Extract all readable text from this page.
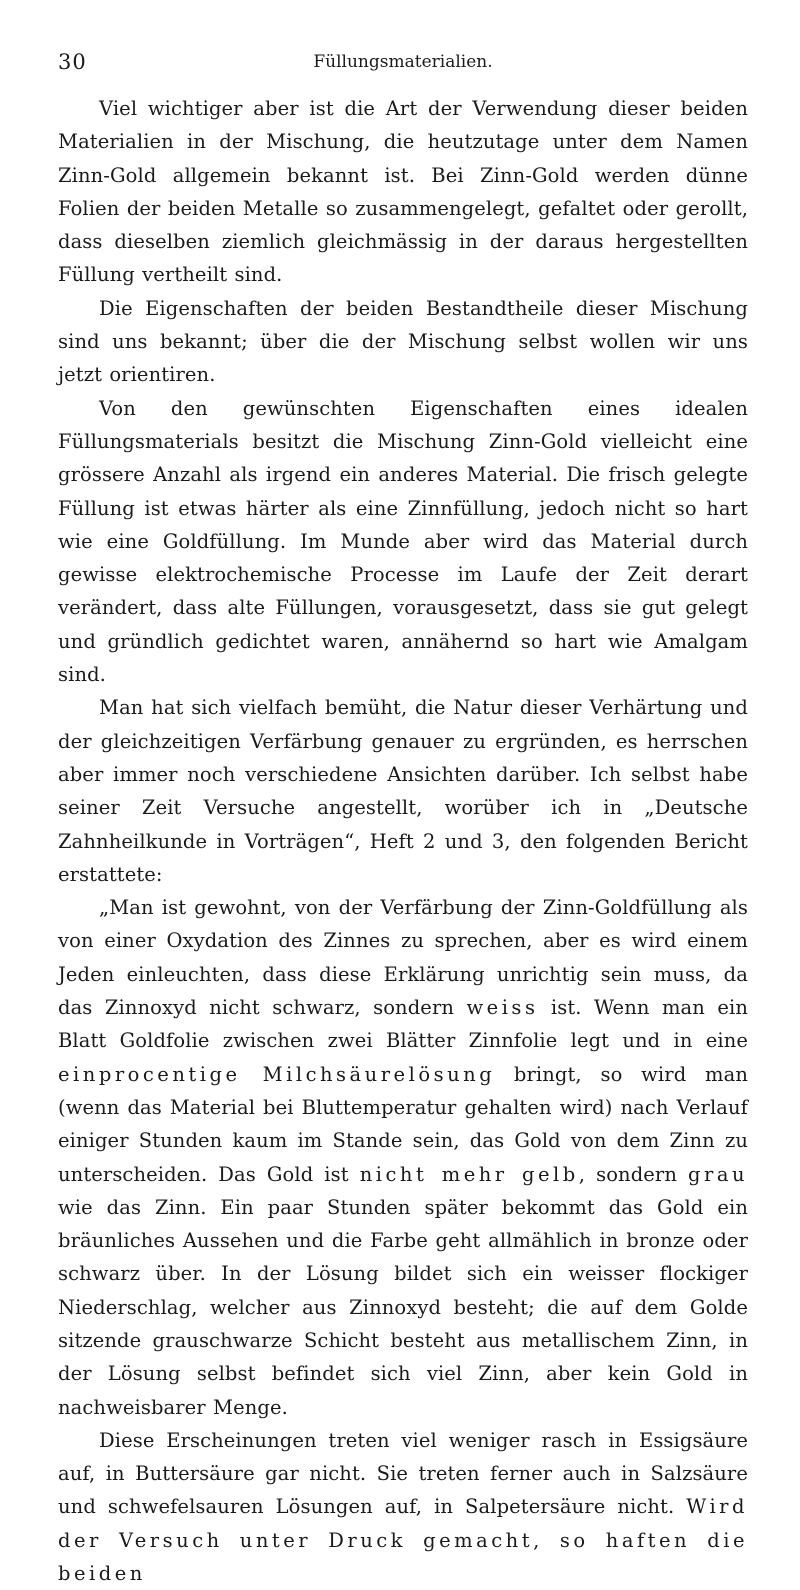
30	Füllungsmaterialien.

Viel wichtiger aber ist die Art der Verwendung dieser beiden Materialien in der Mischung, die heutzutage unter dem Namen Zinn-Gold allgemein bekannt ist. Bei Zinn-Gold werden dünne Folien der beiden Metalle so zusammengelegt, gefaltet oder gerollt, dass dieselben ziemlich gleichmässig in der daraus hergestellten Füllung vertheilt sind.

Die Eigenschaften der beiden Bestandtheile dieser Mischung sind uns bekannt; über die der Mischung selbst wollen wir uns jetzt orientiren.

Von den gewünschten Eigenschaften eines idealen Füllungsmaterials besitzt die Mischung Zinn-Gold vielleicht eine grössere Anzahl als irgend ein anderes Material. Die frisch gelegte Füllung ist etwas härter als eine Zinnfüllung, jedoch nicht so hart wie eine Goldfüllung. Im Munde aber wird das Material durch gewisse elektrochemische Processe im Laufe der Zeit derart verändert, dass alte Füllungen, vorausgesetzt, dass sie gut gelegt und gründlich gedichtet waren, annähernd so hart wie Amalgam sind.

Man hat sich vielfach bemüht, die Natur dieser Verhärtung und der gleichzeitigen Verfärbung genauer zu ergründen, es herrschen aber immer noch verschiedene Ansichten darüber. Ich selbst habe seiner Zeit Versuche angestellt, worüber ich in „Deutsche Zahnheilkunde in Vorträgen“, Heft 2 und 3, den folgenden Bericht erstattete:

„Man ist gewohnt, von der Verfärbung der Zinn-Goldfüllung als von einer Oxydation des Zinnes zu sprechen, aber es wird einem Jeden einleuchten, dass diese Erklärung unrichtig sein muss, da das Zinnoxyd nicht schwarz, sondern weiss ist. Wenn man ein Blatt Goldfolie zwischen zwei Blätter Zinnfolie legt und in eine einprocentige Milchsäurelösung bringt, so wird man (wenn das Material bei Bluttemperatur gehalten wird) nach Verlauf einiger Stunden kaum im Stande sein, das Gold von dem Zinn zu unterscheiden. Das Gold ist nicht mehr gelb, sondern grau wie das Zinn. Ein paar Stunden später bekommt das Gold ein bräunliches Aussehen und die Farbe geht allmählich in bronze oder schwarz über. In der Lösung bildet sich ein weisser flockiger Niederschlag, welcher aus Zinnoxyd besteht; die auf dem Golde sitzende grauschwarze Schicht besteht aus metallischem Zinn, in der Lösung selbst befindet sich viel Zinn, aber kein Gold in nachweisbarer Menge.

Diese Erscheinungen treten viel weniger rasch in Essigsäure auf, in Buttersäure gar nicht. Sie treten ferner auch in Salzsäure und schwefelsauren Lösungen auf, in Salpetersäure nicht. Wird der Versuch unter Druck gemacht, so haften die beiden
